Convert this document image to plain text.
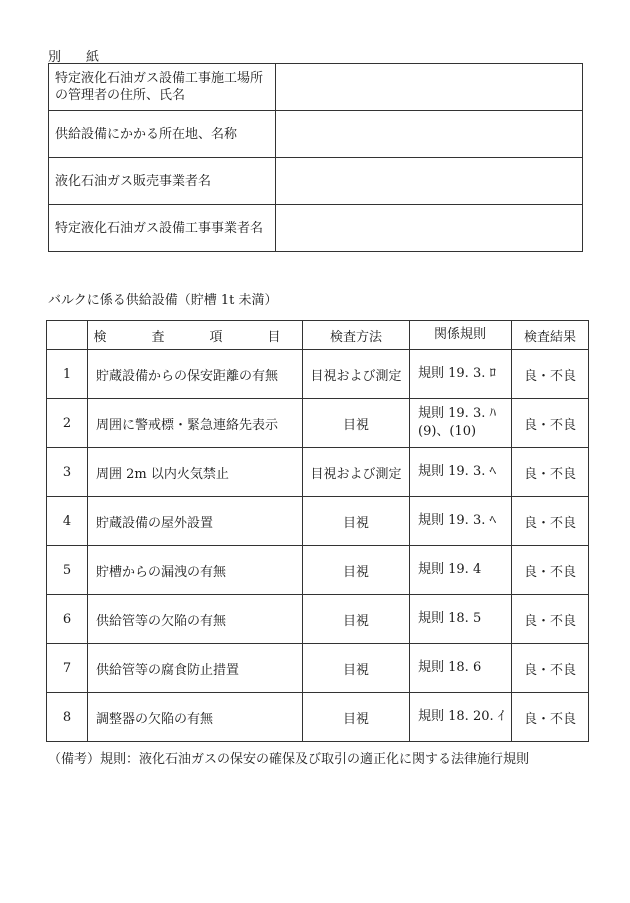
別　紙
特定液化石油ガス設備工事施工場所の管理者の住所、氏名	
供給設備にかかる所在地、名称	
液化石油ガス販売事業者名	
特定液化石油ガス設備工事事業者名	
バルクに係る供給設備（貯槽 1t 未満）
	検　査　項　目	検査方法	関係規則	検査結果
1	貯蔵設備からの保安距離の有無	目視および測定	規則 19. 3. ﾛ	良・不良
2	周囲に警戒標・緊急連絡先表示	目視	規則 19. 3. ﾊ (9)、(10)	良・不良
3	周囲 2m 以内火気禁止	目視および測定	規則 19. 3. ﾍ	良・不良
4	貯蔵設備の屋外設置	目視	規則 19. 3. ﾍ	良・不良
5	貯槽からの漏洩の有無	目視	規則 19. 4	良・不良
6	供給管等の欠陥の有無	目視	規則 18. 5	良・不良
7	供給管等の腐食防止措置	目視	規則 18. 6	良・不良
8	調整器の欠陥の有無	目視	規則 18. 20. ｲ	良・不良
（備考）規則：液化石油ガスの保安の確保及び取引の適正化に関する法律施行規則
